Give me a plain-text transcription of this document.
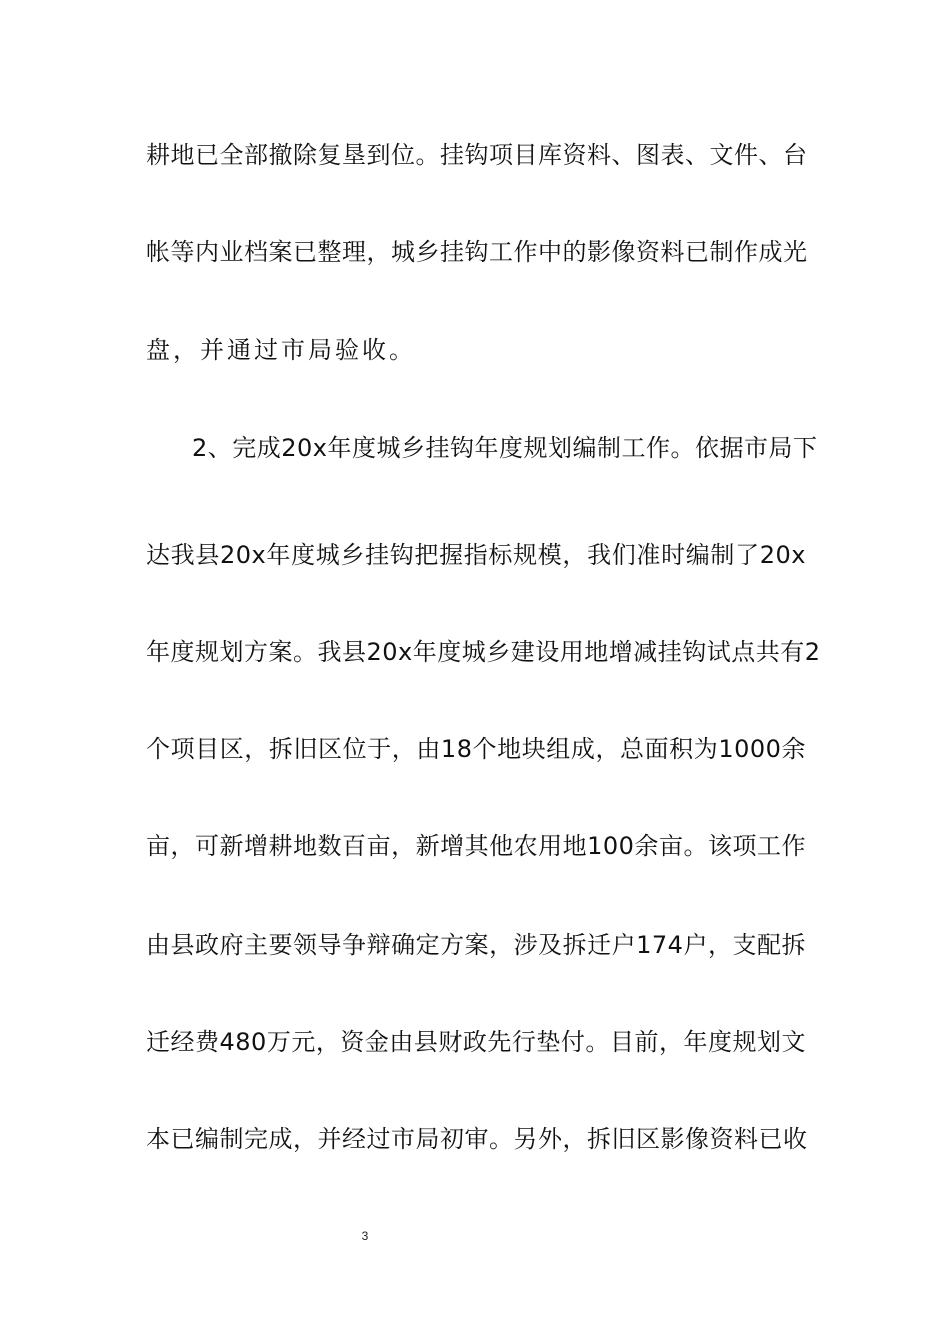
耕地已全部撤除复垦到位。挂钩项目库资料、图表、文件、台
帐等内业档案已整理，城乡挂钩工作中的影像资料已制作成光
盘，并通过市局验收。
2、完成20x年度城乡挂钩年度规划编制工作。依据市局下
达我县20x年度城乡挂钩把握指标规模，我们准时编制了20x
年度规划方案。我县20x年度城乡建设用地增减挂钩试点共有2
个项目区，拆旧区位于，由18个地块组成，总面积为1000余
亩，可新增耕地数百亩，新增其他农用地100余亩。该项工作
由县政府主要领导争辩确定方案，涉及拆迁户174户，支配拆
迁经费480万元，资金由县财政先行垫付。目前，年度规划文
本已编制完成，并经过市局初审。另外，拆旧区影像资料已收
3
